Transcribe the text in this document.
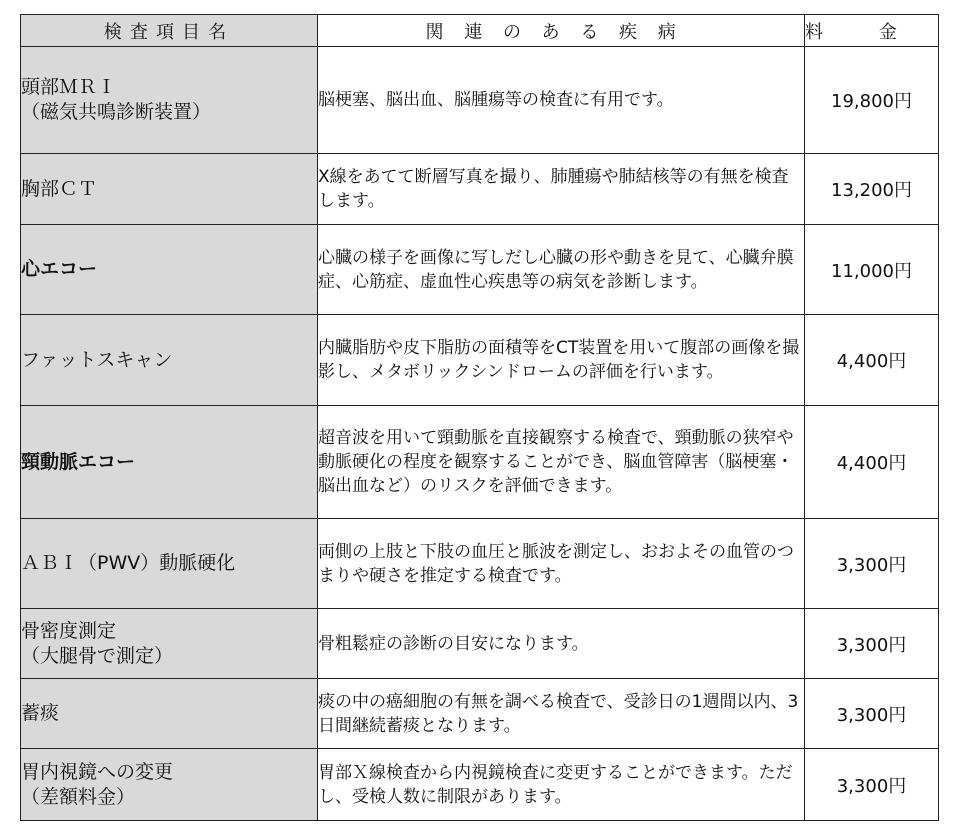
検査項目名	関連のある疾病	料 金

頭部ＭＲＩ
（磁気共鳴診断装置）	脳梗塞、脳出血、脳腫瘍等の検査に有用です。	19,800円

胸部ＣＴ	X線をあてて断層写真を撮り、肺腫瘍や肺結核等の有無を検査します。	13,200円

心エコー	心臓の様子を画像に写しだし心臓の形や動きを見て、心臓弁膜症、心筋症、虚血性心疾患等の病気を診断します。	11,000円

ファットスキャン	内臓脂肪や皮下脂肪の面積等をCT装置を用いて腹部の画像を撮影し、メタボリックシンドロームの評価を行います。	4,400円

頸動脈エコー	超音波を用いて頸動脈を直接観察する検査で、頸動脈の狭窄や動脈硬化の程度を観察することができ、脳血管障害（脳梗塞・脳出血など）のリスクを評価できます。	4,400円

ＡＢＩ（PWV）動脈硬化	両側の上肢と下肢の血圧と脈波を測定し、おおよその血管のつまりや硬さを推定する検査です。	3,300円

骨密度測定
（大腿骨で測定）	骨粗鬆症の診断の目安になります。	3,300円

蓄痰	痰の中の癌細胞の有無を調べる検査で、受診日の1週間以内、3日間継続蓄痰となります。	3,300円

胃内視鏡への変更
（差額料金）	胃部Ｘ線検査から内視鏡検査に変更することができます。ただし、受検人数に制限があります。	3,300円
